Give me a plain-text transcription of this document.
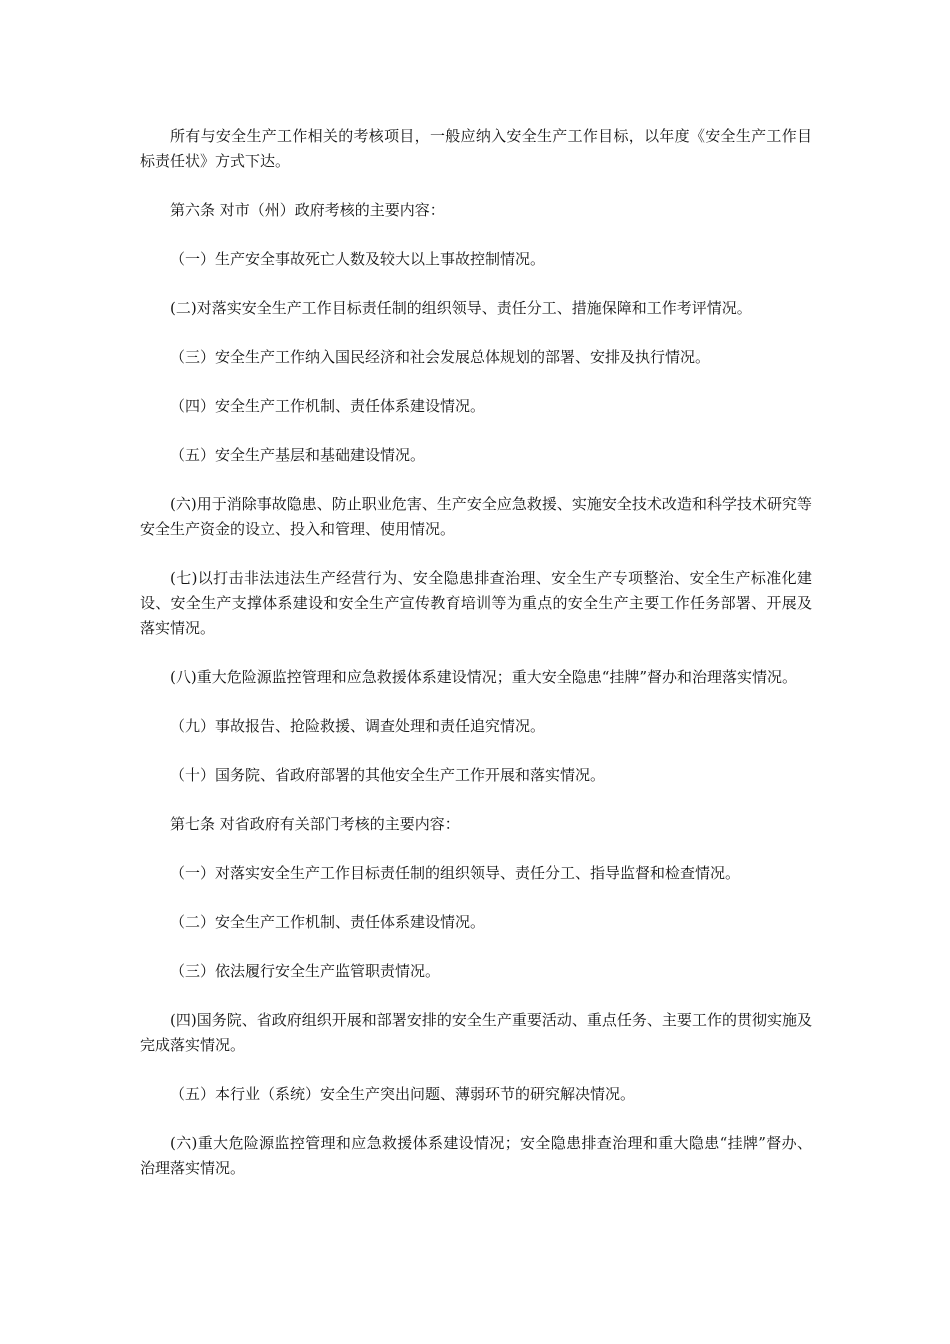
所有与安全生产工作相关的考核项目，一般应纳入安全生产工作目标，以年度《安全生产工作目标责任状》方式下达。

第六条 对市（州）政府考核的主要内容：

（一）生产安全事故死亡人数及较大以上事故控制情况。

(二)对落实安全生产工作目标责任制的组织领导、责任分工、措施保障和工作考评情况。

（三）安全生产工作纳入国民经济和社会发展总体规划的部署、安排及执行情况。

（四）安全生产工作机制、责任体系建设情况。

（五）安全生产基层和基础建设情况。

(六)用于消除事故隐患、防止职业危害、生产安全应急救援、实施安全技术改造和科学技术研究等安全生产资金的设立、投入和管理、使用情况。

(七)以打击非法违法生产经营行为、安全隐患排查治理、安全生产专项整治、安全生产标准化建设、安全生产支撑体系建设和安全生产宣传教育培训等为重点的安全生产主要工作任务部署、开展及落实情况。

(八)重大危险源监控管理和应急救援体系建设情况；重大安全隐患“挂牌”督办和治理落实情况。

（九）事故报告、抢险救援、调查处理和责任追究情况。

（十）国务院、省政府部署的其他安全生产工作开展和落实情况。

第七条 对省政府有关部门考核的主要内容：

（一）对落实安全生产工作目标责任制的组织领导、责任分工、指导监督和检查情况。

（二）安全生产工作机制、责任体系建设情况。

（三）依法履行安全生产监管职责情况。

(四)国务院、省政府组织开展和部署安排的安全生产重要活动、重点任务、主要工作的贯彻实施及完成落实情况。

（五）本行业（系统）安全生产突出问题、薄弱环节的研究解决情况。

(六)重大危险源监控管理和应急救援体系建设情况；安全隐患排查治理和重大隐患“挂牌”督办、治理落实情况。
